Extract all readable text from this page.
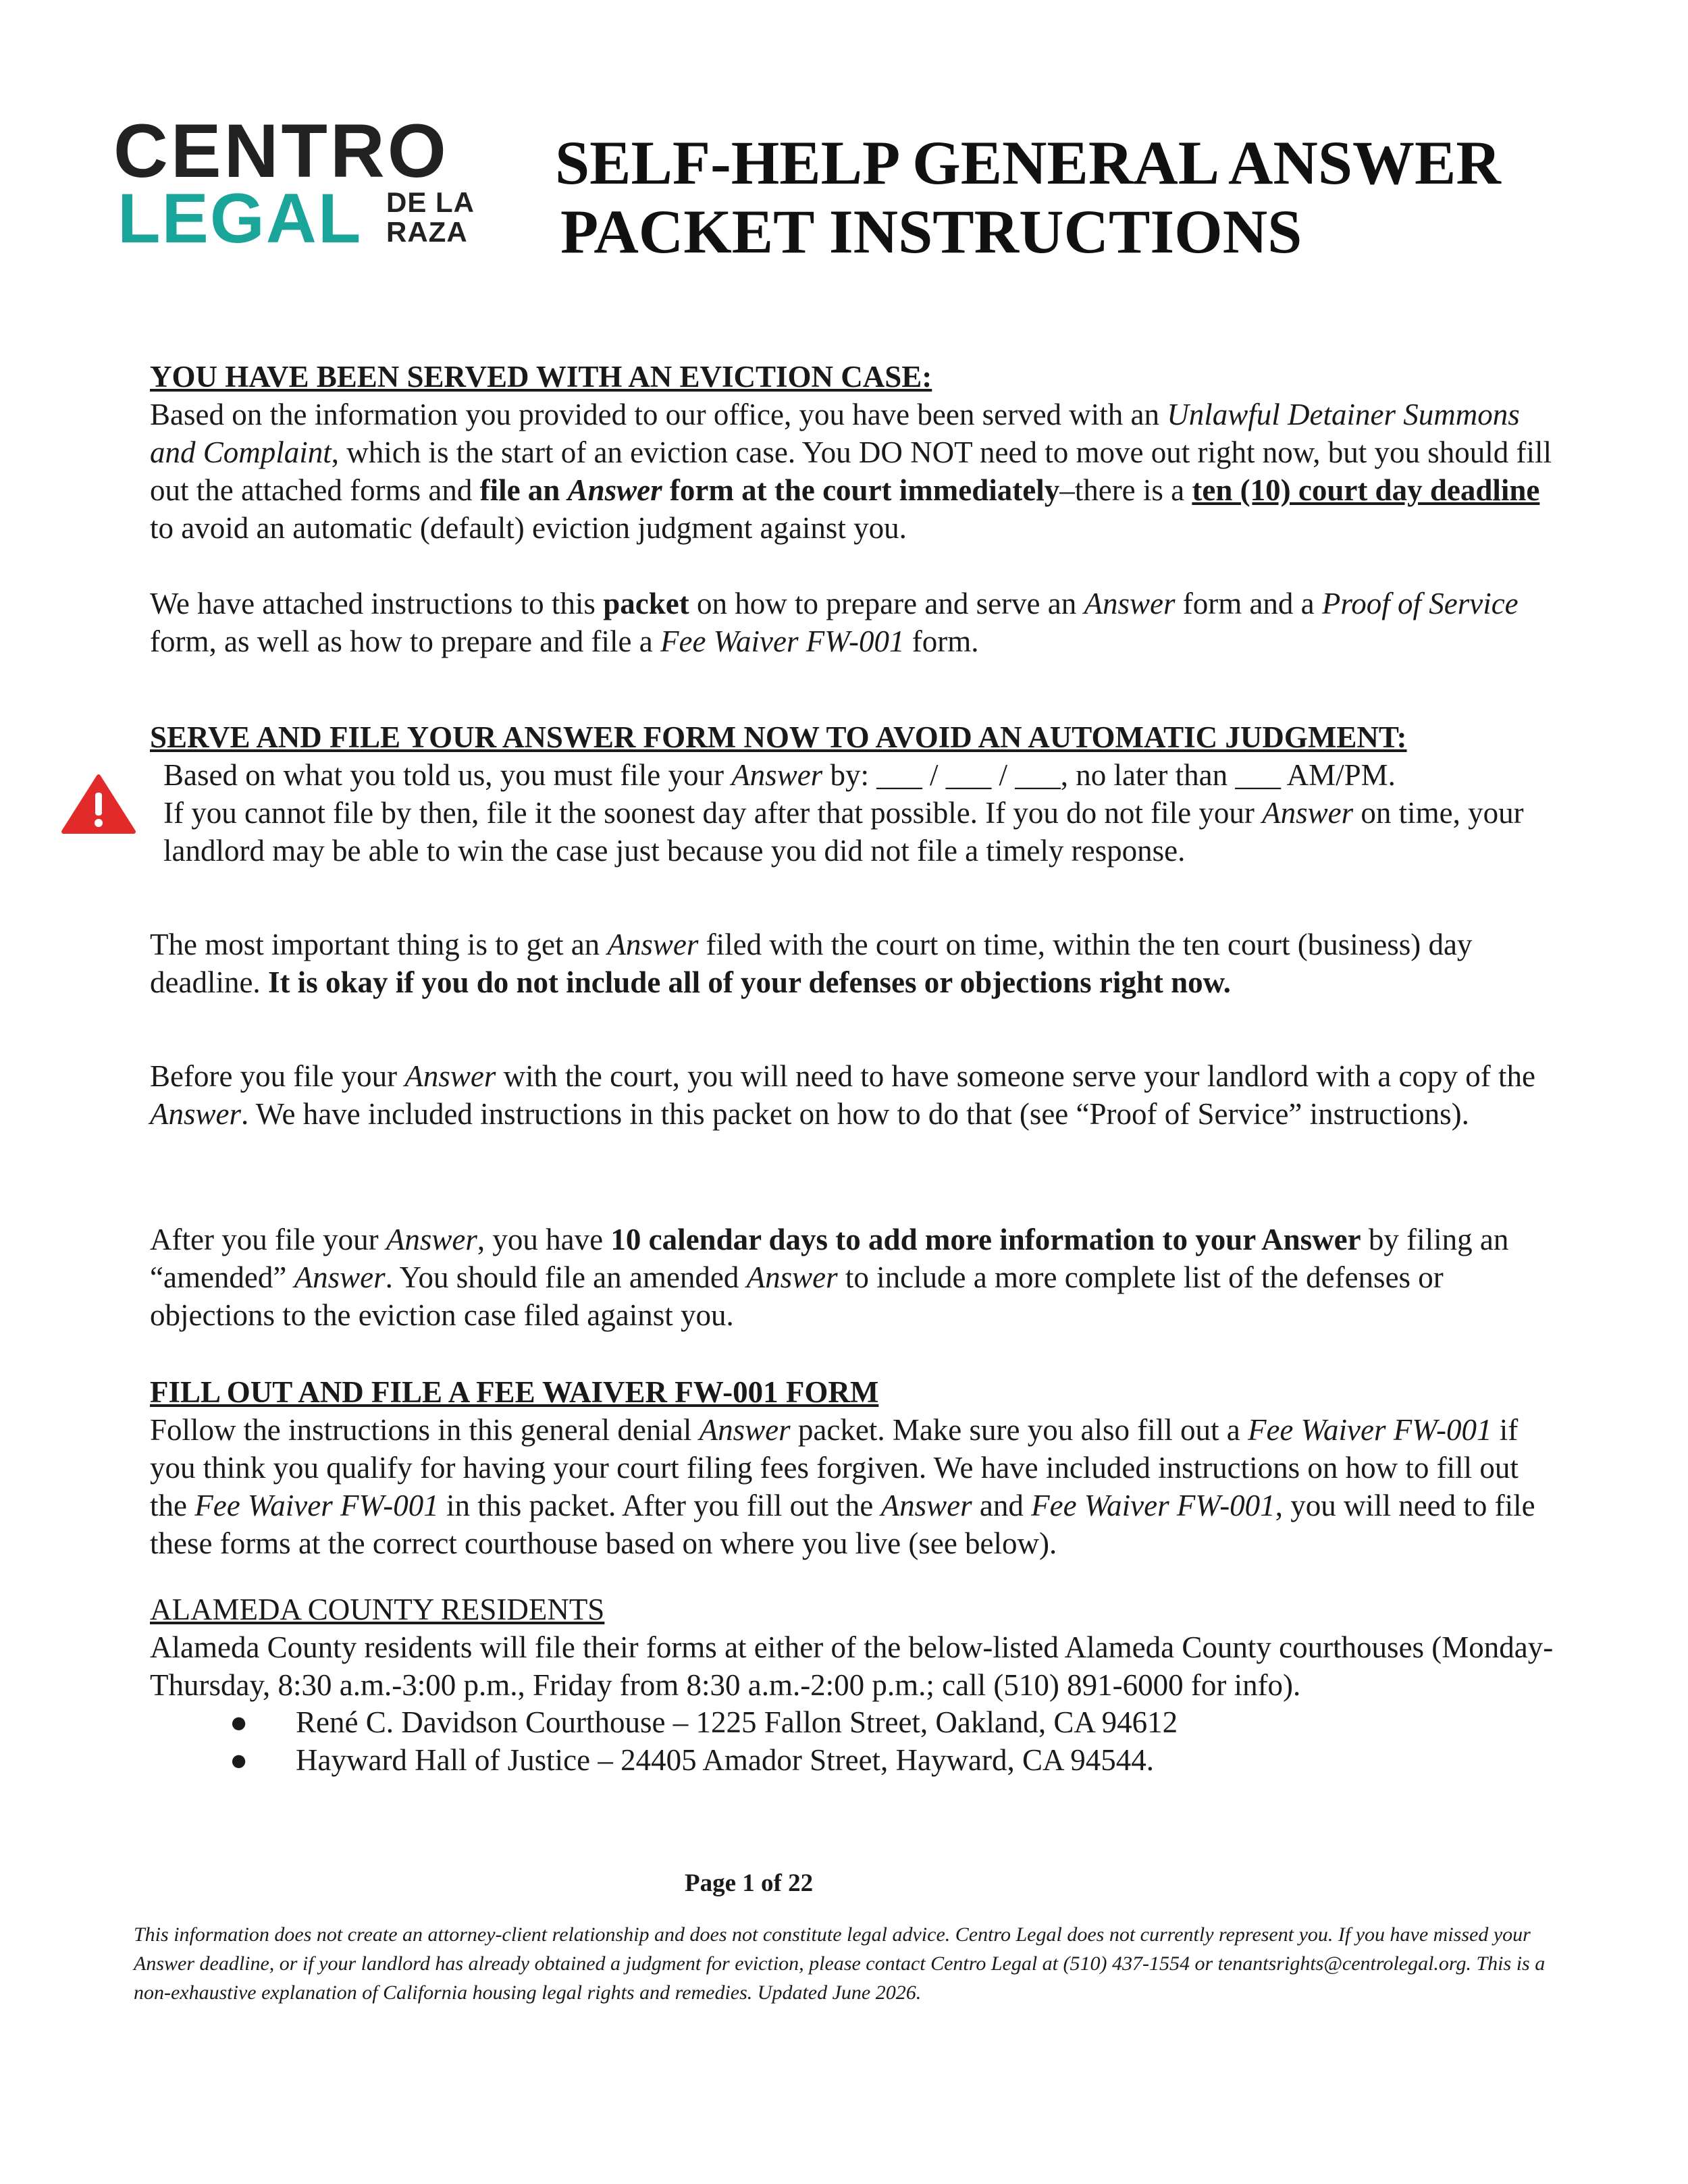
CENTRO
LEGAL DE LA
RAZA
SELF-HELP GENERAL ANSWER
PACKET INSTRUCTIONS
YOU HAVE BEEN SERVED WITH AN EVICTION CASE:
Based on the information you provided to our office, you have been served with an Unlawful Detainer Summons and Complaint, which is the start of an eviction case. You DO NOT need to move out right now, but you should fill out the attached forms and file an Answer form at the court immediately–there is a ten (10) court day deadline to avoid an automatic (default) eviction judgment against you.
We have attached instructions to this packet on how to prepare and serve an Answer form and a Proof of Service form, as well as how to prepare and file a Fee Waiver FW-001 form.
SERVE AND FILE YOUR ANSWER FORM NOW TO AVOID AN AUTOMATIC JUDGMENT:
Based on what you told us, you must file your Answer by: ___ / ___ / ___, no later than ___ AM/PM.
If you cannot file by then, file it the soonest day after that possible. If you do not file your Answer on time, your landlord may be able to win the case just because you did not file a timely response.
The most important thing is to get an Answer filed with the court on time, within the ten court (business) day deadline. It is okay if you do not include all of your defenses or objections right now.
Before you file your Answer with the court, you will need to have someone serve your landlord with a copy of the Answer. We have included instructions in this packet on how to do that (see “Proof of Service” instructions).
After you file your Answer, you have 10 calendar days to add more information to your Answer by filing an “amended” Answer. You should file an amended Answer to include a more complete list of the defenses or objections to the eviction case filed against you.
FILL OUT AND FILE A FEE WAIVER FW-001 FORM
Follow the instructions in this general denial Answer packet. Make sure you also fill out a Fee Waiver FW-001 if you think you qualify for having your court filing fees forgiven. We have included instructions on how to fill out the Fee Waiver FW-001 in this packet. After you fill out the Answer and Fee Waiver FW-001, you will need to file these forms at the correct courthouse based on where you live (see below).
ALAMEDA COUNTY RESIDENTS
Alameda County residents will file their forms at either of the below-listed Alameda County courthouses (Monday-Thursday, 8:30 a.m.-3:00 p.m., Friday from 8:30 a.m.-2:00 p.m.; call (510) 891-6000 for info).
● René C. Davidson Courthouse – 1225 Fallon Street, Oakland, CA 94612
● Hayward Hall of Justice – 24405 Amador Street, Hayward, CA 94544.
Page 1 of 22
This information does not create an attorney-client relationship and does not constitute legal advice. Centro Legal does not currently represent you. If you have missed your Answer deadline, or if your landlord has already obtained a judgment for eviction, please contact Centro Legal at (510) 437-1554 or tenantsrights@centrolegal.org. This is a non-exhaustive explanation of California housing legal rights and remedies. Updated June 2026.
